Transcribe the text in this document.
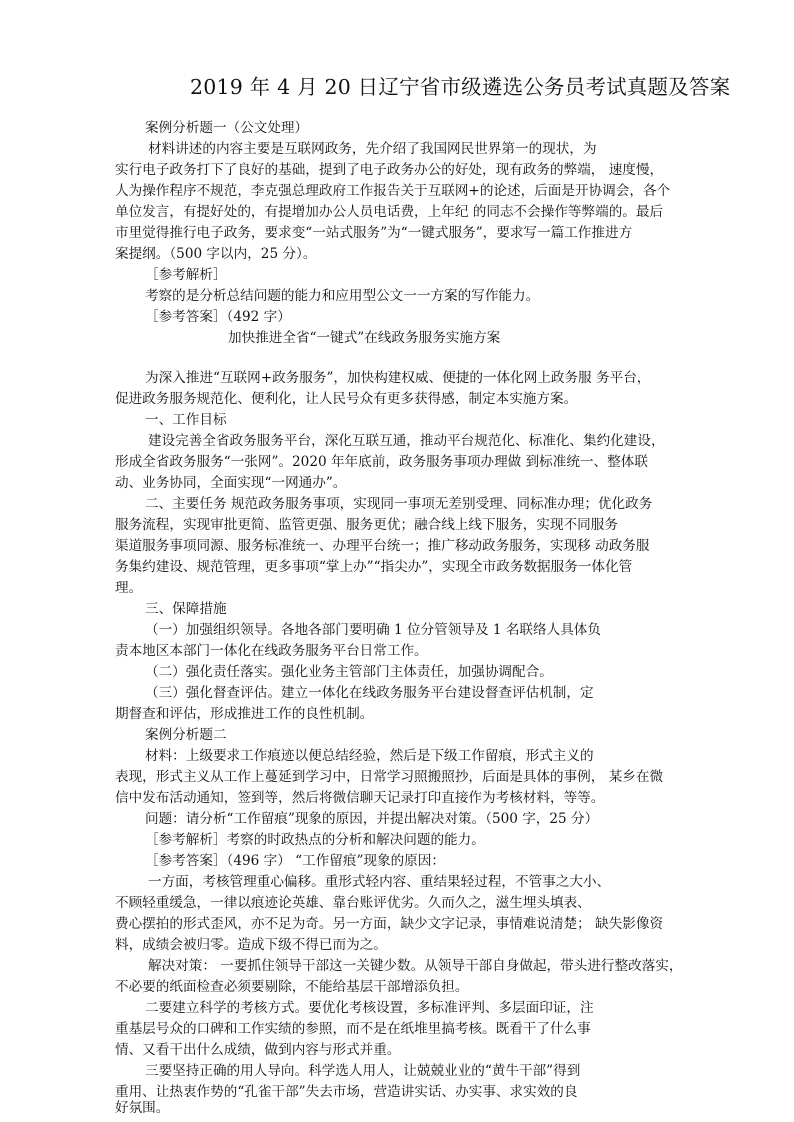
2019 年 4 月 20 日辽宁省市级遴选公务员考试真题及答案
案例分析题一（公文处理）
材料讲述的内容主要是互联网政务，先介绍了我国网民世界第一的现状，为
实行电子政务打下了良好的基础，提到了电子政务办公的好处，现有政务的弊端， 速度慢，
人为操作程序不规范，李克强总理政府工作报告关于互联网+的论述，后面是开协调会，各个
单位发言，有提好处的，有提增加办公人员电话费，上年纪 的同志不会操作等弊端的。最后
市里觉得推行电子政务，要求变“一站式服务”为“一键式服务”，要求写一篇工作推进方
案提纲。（500 字以内，25 分）。
［参考解析］
考察的是分析总结问题的能力和应用型公文一一方案的写作能力。
［参考答案］（492 字）
加快推进全省“一键式”在线政务服务实施方案
为深入推进“互联网+政务服务”，加快构建权威、便捷的一体化网上政务服 务平台，
促进政务服务规范化、便利化，让人民号众有更多获得感，制定本实施方案。
一、工作目标
建设完善全省政务服务平台，深化互联互通，推动平台规范化、标准化、集约化建设，
形成全省政务服务“一张网”。2020 年年底前，政务服务事项办理做 到标准统一、整体联
动、业务协同，全面实现“一网通办”。
二、主要任务 规范政务服务事项，实现同一事项无差别受理、同标准办理；优化政务
服务流程，实现审批更简、监管更强、服务更优；融合线上线下服务，实现不同服务
渠道服务事项同源、服务标准统一、办理平台统一；推广移动政务服务，实现移 动政务服
务集约建设、规范管理，更多事项“掌上办”“指尖办”，实现全市政务数据服务一体化管
理。
三、保障措施
（一）加强组织领导。各地各部门要明确 1 位分管领导及 1 名联络人具体负
责本地区本部门一体化在线政务服务平台日常工作。
（二）强化责任落实。强化业务主管部门主体责任，加强协调配合。
（三）强化督查评估。建立一体化在线政务服务平台建设督查评估机制，定
期督查和评估，形成推进工作的良性机制。
案例分析题二
材料：上级要求工作痕迹以便总结经验，然后是下级工作留痕，形式主义的
表现，形式主义从工作上蔓延到学习中，日常学习照搬照抄，后面是具体的事例， 某乡在微
信中发布活动通知，签到等，然后将微信聊天记录打印直接作为考核材料，等等。
问题：请分析“工作留痕”现象的原因，并提出解决对策。（500 字，25 分）
［参考解析］考察的时政热点的分析和解决问题的能力。
［参考答案］（496 字） “工作留痕”现象的原因：
一方面，考核管理重心偏移。重形式轻内容、重结果轻过程，不管事之大小、
不顾轻重缓急，一律以痕迹论英雄、靠台账评优劣。久而久之，滋生埋头填表、
费心摆拍的形式歪风，亦不足为奇。另一方面，缺少文字记录，事情难说清楚； 缺失影像资
料，成绩会被归零。造成下级不得已而为之。
解决对策： 一要抓住领导干部这一关键少数。从领导干部自身做起，带头进行整改落实，
不必要的纸面检查必须要剔除，不能给基层干部增添负担。
二要建立科学的考核方式。要优化考核设置，多标准评判、多层面印证，注
重基层号众的口碑和工作实绩的参照，而不是在纸堆里搞考核。既看干了什么事
情、又看干出什么成绩，做到内容与形式并重。
三要坚持正确的用人导向。科学选人用人，让兢兢业业的“黄牛干部”得到
重用、让热衷作势的“孔雀干部”失去市场，营造讲实话、办实事、求实效的良
好氛围。
